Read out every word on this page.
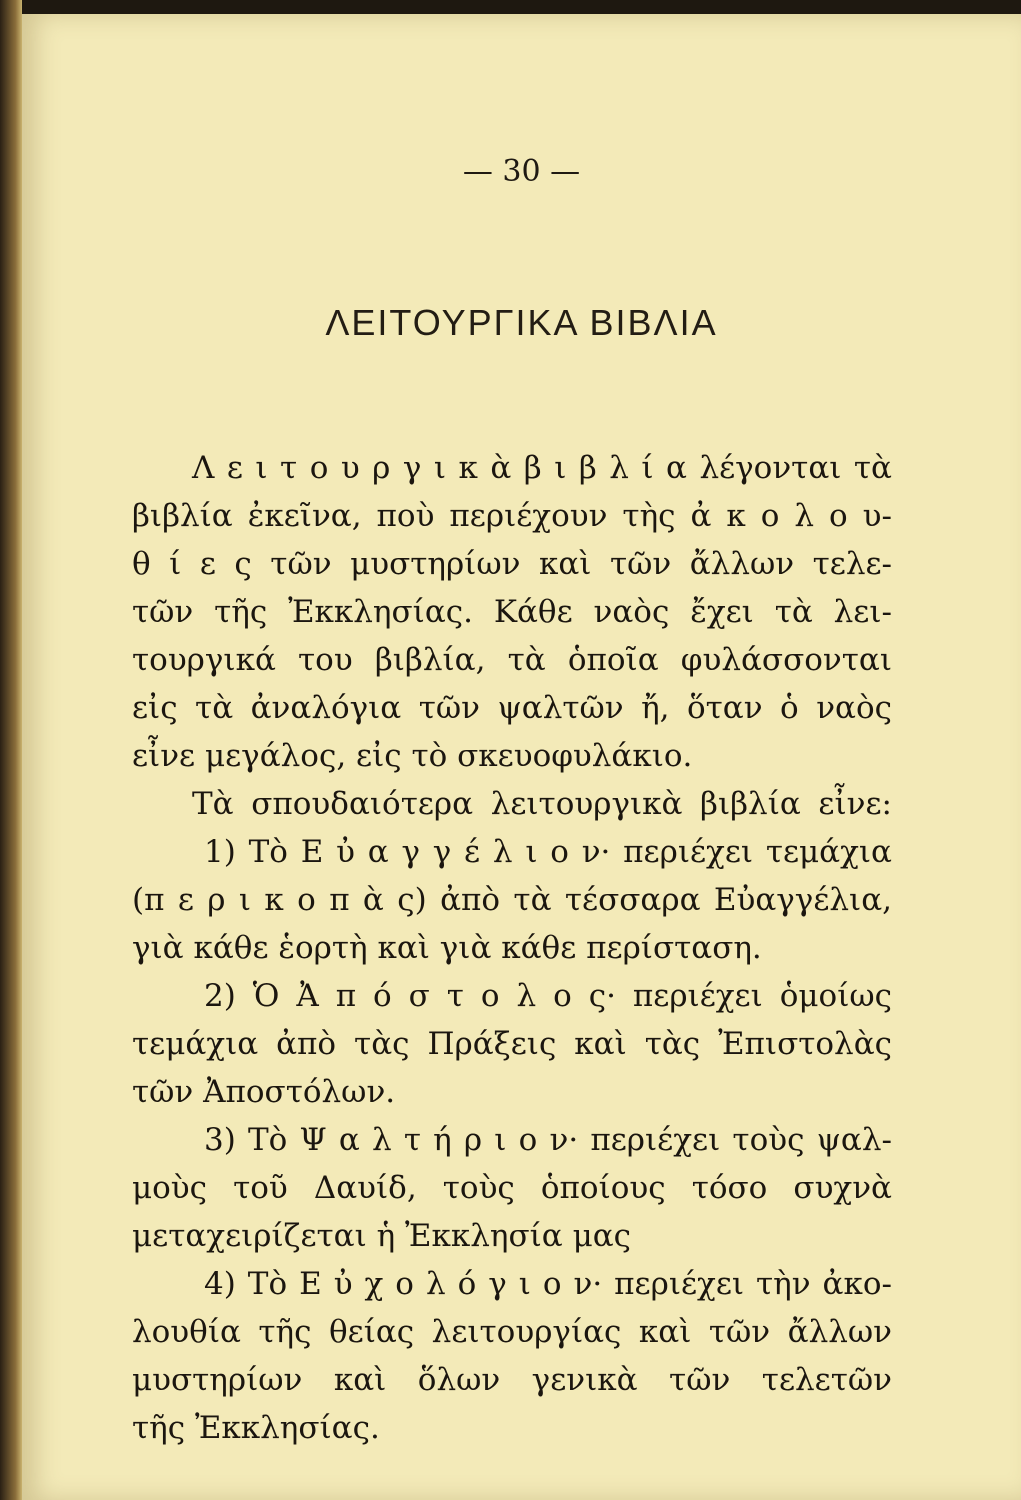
— 30 —
ΛΕΙΤΟΥΡΓΙΚΑ ΒΙΒΛΙΑ
Λ ε ι τ ο υ ρ γ ι κ ὰ β ι β λ ί α λέγονται τὰ
βιβλία ἐκεῖνα, ποὺ περιέχουν τὴς ἀ κ ο λ ο υ-
θ ί ε ς τῶν μυστηρίων καὶ τῶν ἄλλων τελε-
τῶν τῆς Ἐκκλησίας. Κάθε ναὸς ἔχει τὰ λει-
τουργικά του βιβλία, τὰ ὁποῖα φυλάσσονται
εἰς τὰ ἀναλόγια τῶν ψαλτῶν ἤ, ὅταν ὁ ναὸς
εἶνε μεγάλος, εἰς τὸ σκευοφυλάκιο.
Τὰ σπουδαιότερα λειτουργικὰ βιβλία εἶνε:
1) Τὸ Ε ὐ α γ γ έ λ ι ο ν· περιέχει τεμάχια
(π ε ρ ι κ ο π ὰ ς) ἀπὸ τὰ τέσσαρα Εὐαγγέλια,
γιὰ κάθε ἑορτὴ καὶ γιὰ κάθε περίσταση.
2) Ὁ Ἀ π ό σ τ ο λ ο ς· περιέχει ὁμοίως
τεμάχια ἀπὸ τὰς Πράξεις καὶ τὰς Ἐπιστολὰς
τῶν Ἀποστόλων.
3) Τὸ Ψ α λ τ ή ρ ι ο ν· περιέχει τοὺς ψαλ-
μοὺς τοῦ Δαυίδ, τοὺς ὁποίους τόσο συχνὰ
μεταχειρίζεται ἡ Ἐκκλησία μας
4) Τὸ Ε ὐ χ ο λ ό γ ι ο ν· περιέχει τὴν ἀκο-
λουθία τῆς θείας λειτουργίας καὶ τῶν ἄλλων
μυστηρίων καὶ ὅλων γενικὰ τῶν τελετῶν
τῆς Ἐκκλησίας.
